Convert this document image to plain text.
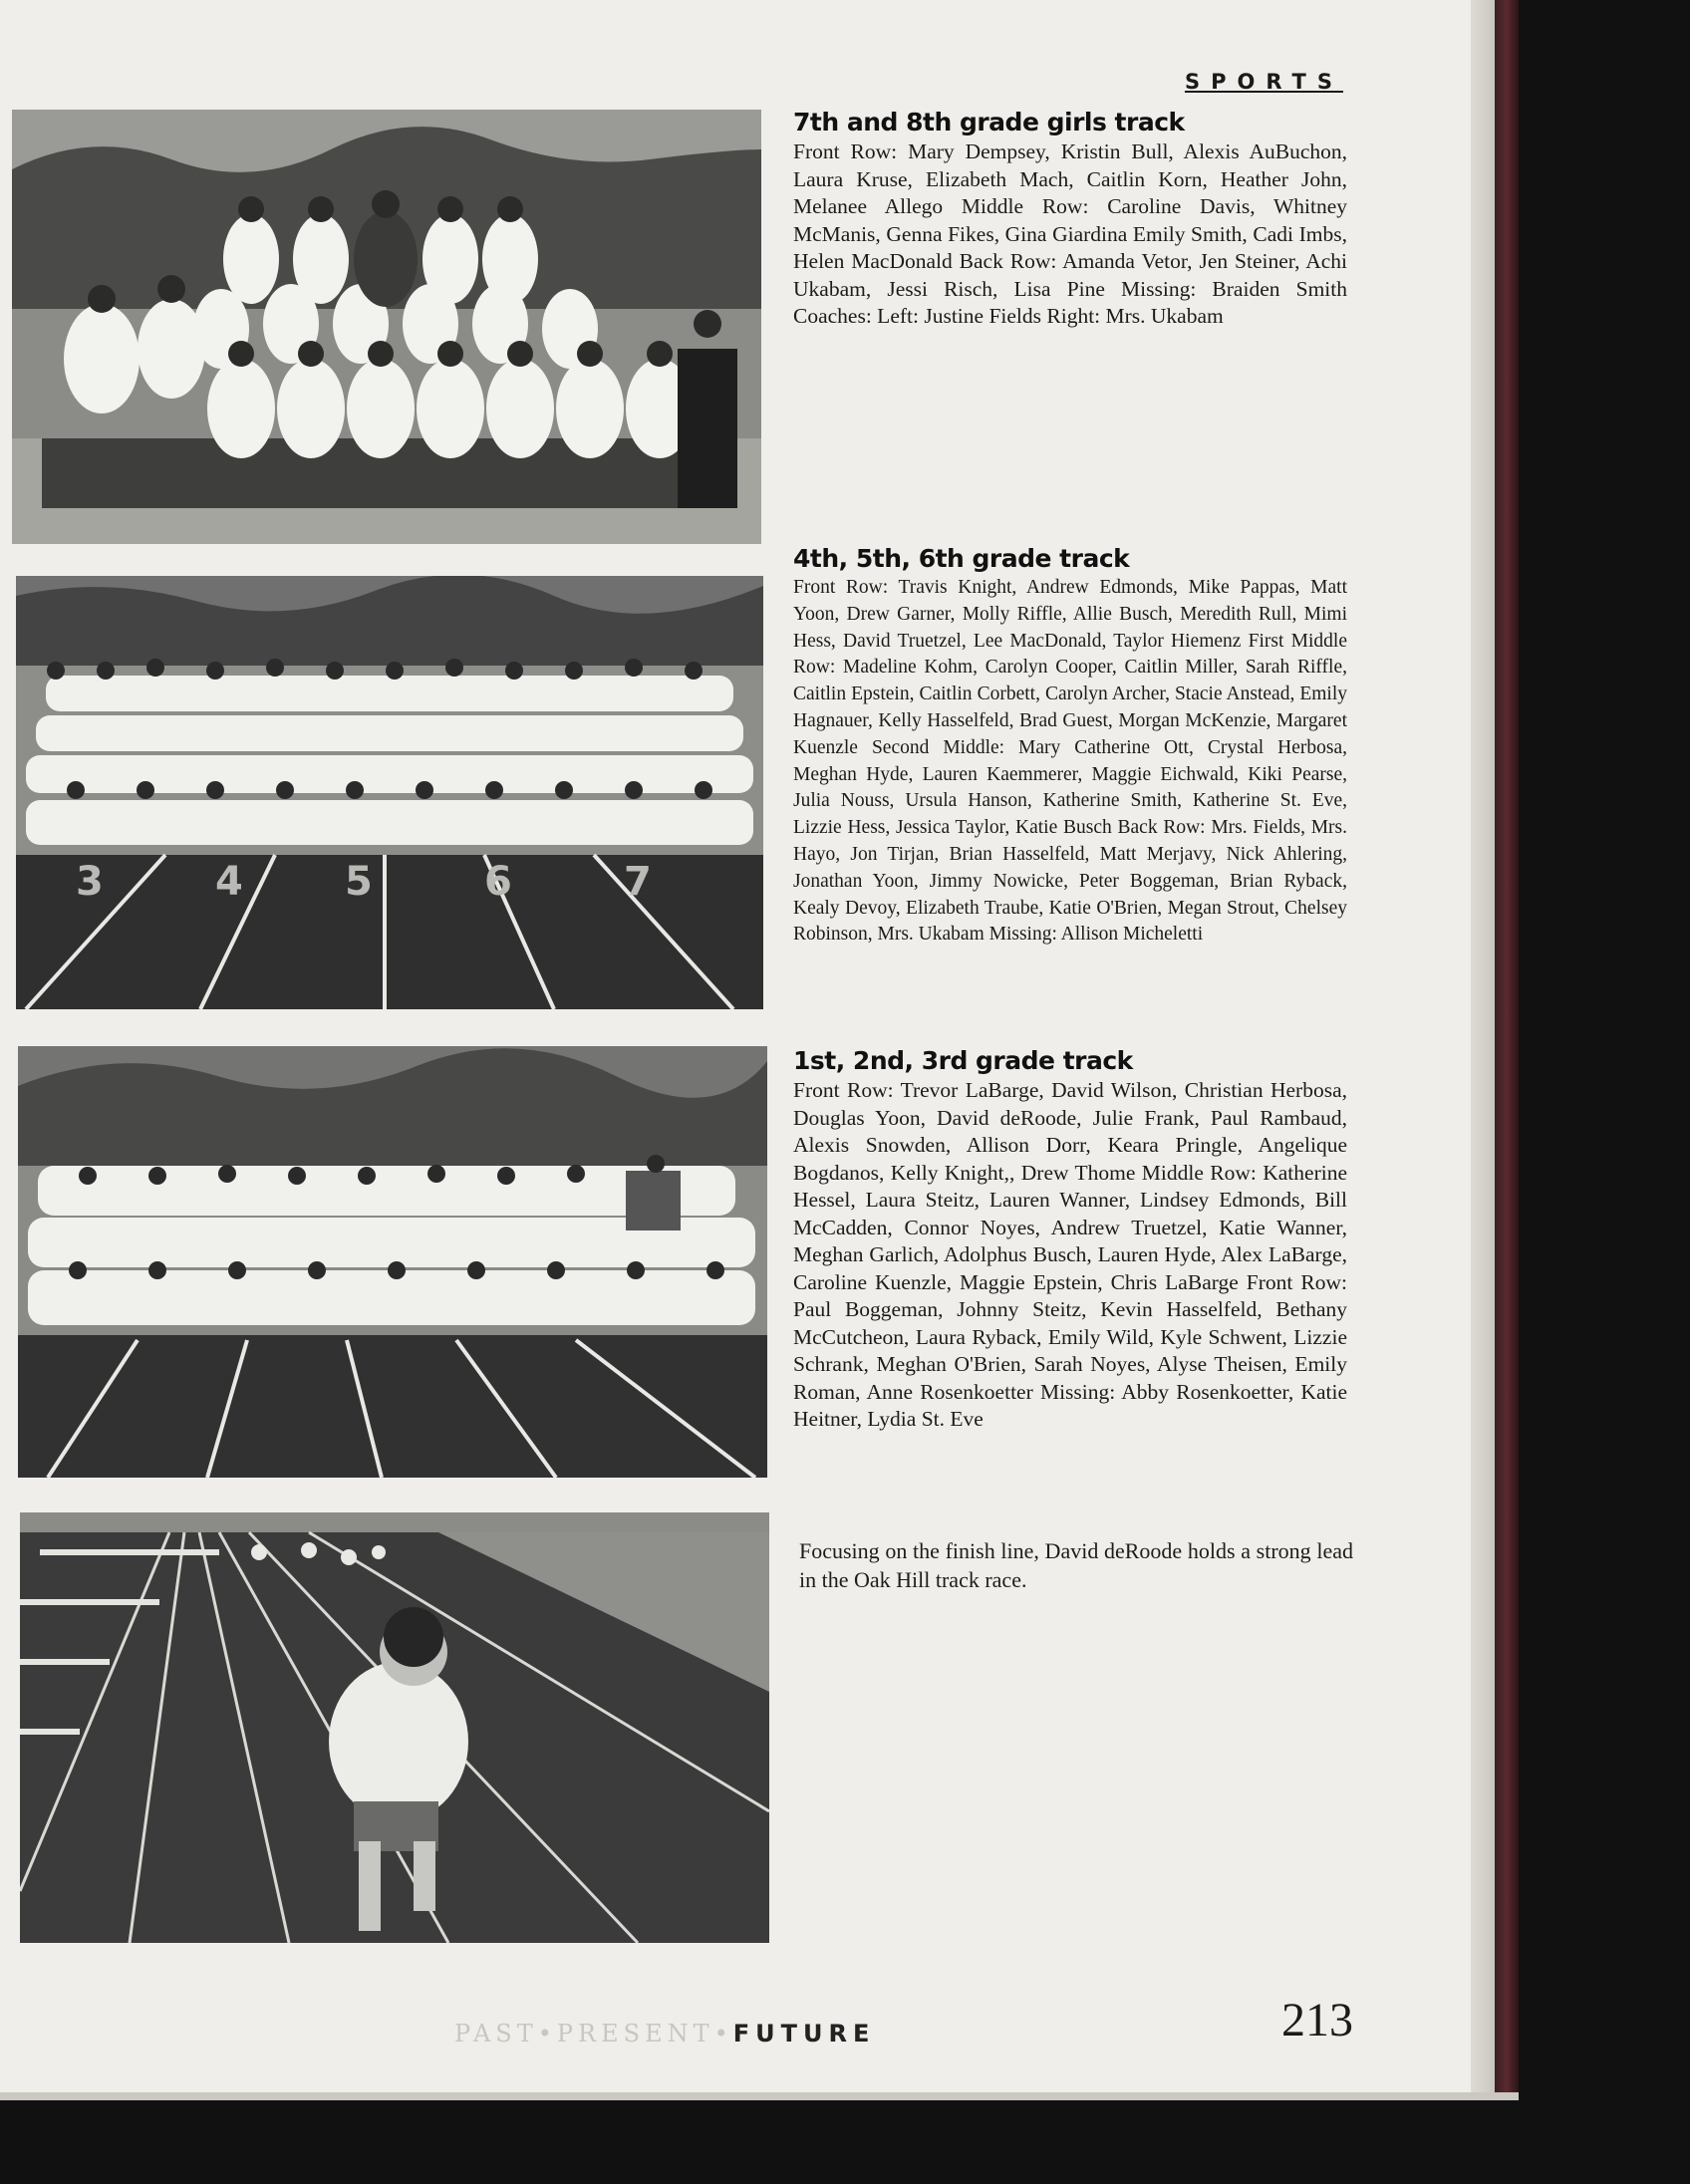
SPORTS
3	4	5	6	7
7th and 8th grade girls track

Front Row: Mary Dempsey, Kristin Bull, Alexis AuBuchon, Laura Kruse, Elizabeth Mach, Caitlin Korn, Heather John, Melanee Allego Middle Row: Caroline Davis, Whitney McManis, Genna Fikes, Gina Giardina Emily Smith, Cadi Imbs, Helen MacDonald Back Row: Amanda Vetor, Jen Steiner, Achi Ukabam, Jessi Risch, Lisa Pine Missing: Braiden Smith Coaches: Left: Justine Fields Right: Mrs. Ukabam

4th, 5th, 6th grade track

Front Row: Travis Knight, Andrew Edmonds, Mike Pappas, Matt Yoon, Drew Garner, Molly Riffle, Allie Busch, Meredith Rull, Mimi Hess, David Truetzel, Lee MacDonald, Taylor Hiemenz First Middle Row: Madeline Kohm, Carolyn Cooper, Caitlin Miller, Sarah Riffle, Caitlin Epstein, Caitlin Corbett, Carolyn Archer, Stacie Anstead, Emily Hagnauer, Kelly Hasselfeld, Brad Guest, Morgan McKenzie, Margaret Kuenzle Second Middle: Mary Catherine Ott, Crystal Herbosa, Meghan Hyde, Lauren Kaemmerer, Maggie Eichwald, Kiki Pearse, Julia Nouss, Ursula Hanson, Katherine Smith, Katherine St. Eve, Lizzie Hess, Jessica Taylor, Katie Busch Back Row: Mrs. Fields, Mrs. Hayo, Jon Tirjan, Brian Hasselfeld, Matt Merjavy, Nick Ahlering, Jonathan Yoon, Jimmy Nowicke, Peter Boggeman, Brian Ryback, Kealy Devoy, Elizabeth Traube, Katie O'Brien, Megan Strout, Chelsey Robinson, Mrs. Ukabam Missing: Allison Micheletti

1st, 2nd, 3rd grade track

Front Row: Trevor LaBarge, David Wilson, Christian Herbosa, Douglas Yoon, David deRoode, Julie Frank, Paul Rambaud, Alexis Snowden, Allison Dorr, Keara Pringle, Angelique Bogdanos, Kelly Knight,, Drew Thome Middle Row: Katherine Hessel, Laura Steitz, Lauren Wanner, Lindsey Edmonds, Bill McCadden, Connor Noyes, Andrew Truetzel, Katie Wanner, Meghan Garlich, Adolphus Busch, Lauren Hyde, Alex LaBarge, Caroline Kuenzle, Maggie Epstein, Chris LaBarge Front Row: Paul Boggeman, Johnny Steitz, Kevin Hasselfeld, Bethany McCutcheon, Laura Ryback, Emily Wild, Kyle Schwent, Lizzie Schrank, Meghan O'Brien, Sarah Noyes, Alyse Theisen, Emily Roman, Anne Rosenkoetter Missing: Abby Rosenkoetter, Katie Heitner, Lydia St. Eve

Focusing on the finish line, David deRoode holds a strong lead in the Oak Hill track race.
PAST•PRESENT•FUTURE	213
